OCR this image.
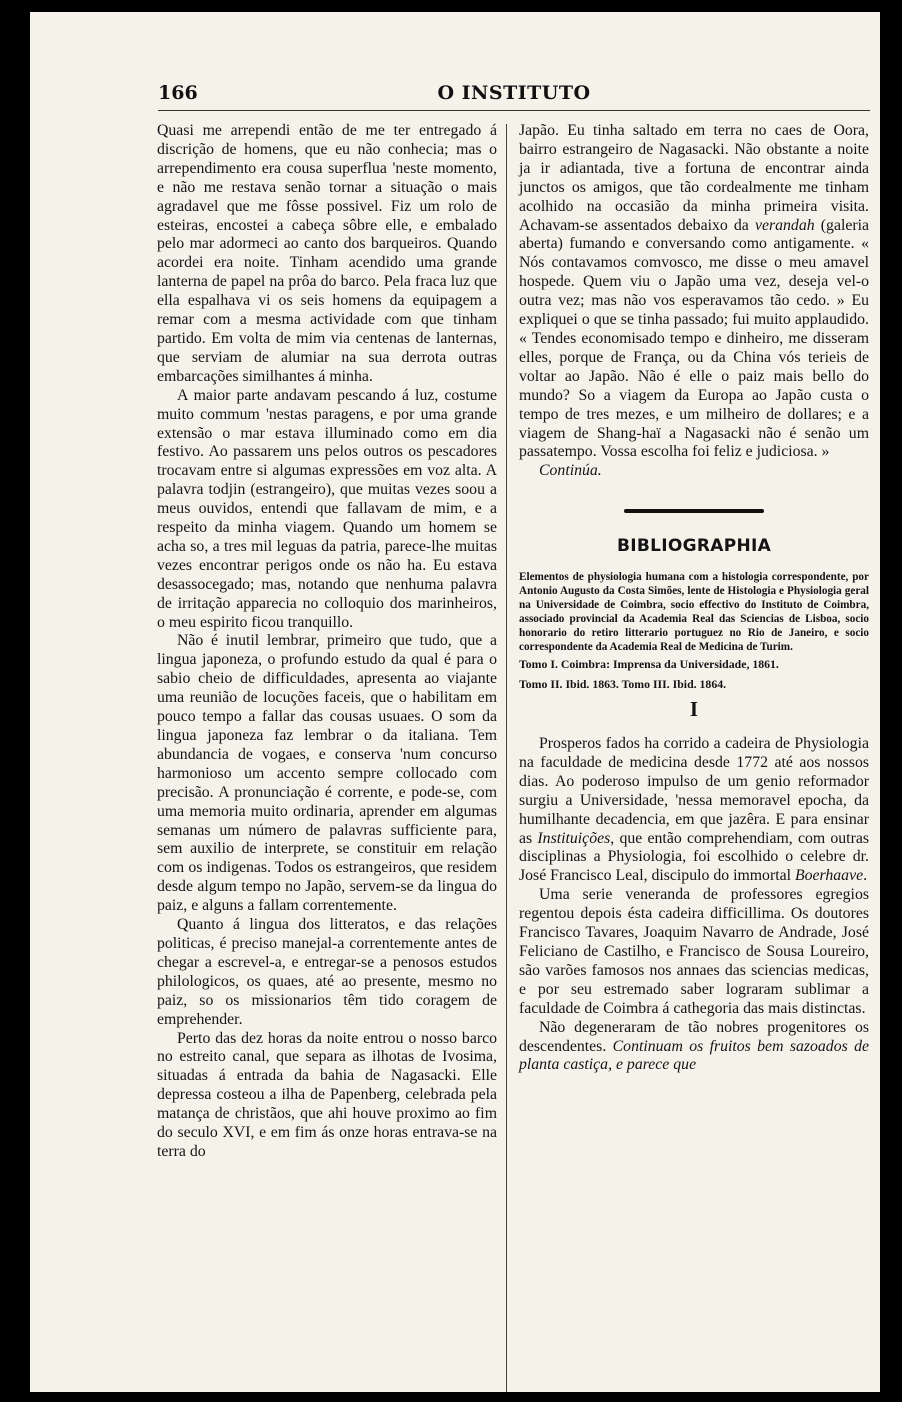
166	O INSTITUTO

Quasi me arrependi então de me ter entregado á discrição de homens, que eu não conhecia; mas o arrependimento era cousa superflua 'neste momento, e não me restava senão tornar a situação o mais agradavel que me fôsse possivel. Fiz um rolo de esteiras, encostei a cabeça sôbre elle, e embalado pelo mar adormeci ao canto dos barqueiros. Quando acordei era noite. Tinham acendido uma grande lanterna de papel na prôa do barco. Pela fraca luz que ella espalhava vi os seis homens da equipagem a remar com a mesma actividade com que tinham partido. Em volta de mim via centenas de lanternas, que serviam de alumiar na sua derrota outras embarcações similhantes á minha.

A maior parte andavam pescando á luz, costume muito commum 'nestas paragens, e por uma grande extensão o mar estava illuminado como em dia festivo. Ao passarem uns pelos outros os pescadores trocavam entre si algumas expressões em voz alta. A palavra todjin (estrangeiro), que muitas vezes soou a meus ouvidos, entendi que fallavam de mim, e a respeito da minha viagem. Quando um homem se acha so, a tres mil leguas da patria, parece-lhe muitas vezes encontrar perigos onde os não ha. Eu estava desassocegado; mas, notando que nenhuma palavra de irritação apparecia no colloquio dos marinheiros, o meu espirito ficou tranquillo.

Não é inutil lembrar, primeiro que tudo, que a lingua japoneza, o profundo estudo da qual é para o sabio cheio de difficuldades, apresenta ao viajante uma reunião de locuções faceis, que o habilitam em pouco tempo a fallar das cousas usuaes. O som da lingua japoneza faz lembrar o da italiana. Tem abundancia de vogaes, e conserva 'num concurso harmonioso um accento sempre collocado com precisão. A pronunciação é corrente, e pode-se, com uma memoria muito ordinaria, aprender em algumas semanas um número de palavras sufficiente para, sem auxilio de interprete, se constituir em relação com os indigenas. Todos os estrangeiros, que residem desde algum tempo no Japão, servem-se da lingua do paiz, e alguns a fallam correntemente.

Quanto á lingua dos litteratos, e das relações politicas, é preciso manejal-a correntemente antes de chegar a escrevel-a, e entregar-se a penosos estudos philologicos, os quaes, até ao presente, mesmo no paiz, so os missionarios têm tido coragem de emprehender.

Perto das dez horas da noite entrou o nosso barco no estreito canal, que separa as ilhotas de Ivosima, situadas á entrada da bahia de Nagasacki. Elle depressa costeou a ilha de Papenberg, celebrada pela matança de christãos, que ahi houve proximo ao fim do seculo XVI, e em fim ás onze horas entrava-se na terra do

Japão. Eu tinha saltado em terra no caes de Oora, bairro estrangeiro de Nagasacki. Não obstante a noite ja ir adiantada, tive a fortuna de encontrar ainda junctos os amigos, que tão cordealmente me tinham acolhido na occasião da minha primeira visita. Achavam-se assentados debaixo da verandah (galeria aberta) fumando e conversando como antigamente. « Nós contavamos comvosco, me disse o meu amavel hospede. Quem viu o Japão uma vez, deseja vel-o outra vez; mas não vos esperavamos tão cedo. » Eu expliquei o que se tinha passado; fui muito applaudido. « Tendes economisado tempo e dinheiro, me disseram elles, porque de França, ou da China vós terieis de voltar ao Japão. Não é elle o paiz mais bello do mundo? So a viagem da Europa ao Japão custa o tempo de tres mezes, e um milheiro de dollares; e a viagem de Shang-haï a Nagasacki não é senão um passatempo. Vossa escolha foi feliz e judiciosa. »

Continúa.

BIBLIOGRAPHIA

Elementos de physiologia humana com a histologia correspondente, por Antonio Augusto da Costa Simões, lente de Histologia e Physiologia geral na Universidade de Coimbra, socio effectivo do Instituto de Coimbra, associado provincial da Academia Real das Sciencias de Lisboa, socio honorario do retiro litterario portuguez no Rio de Janeiro, e socio correspondente da Academia Real de Medicina de Turim.

Tomo I. Coimbra: Imprensa da Universidade, 1861.

Tomo II. Ibid. 1863. Tomo III. Ibid. 1864.

I

Prosperos fados ha corrido a cadeira de Physiologia na faculdade de medicina desde 1772 até aos nossos dias. Ao poderoso impulso de um genio reformador surgiu a Universidade, 'nessa memoravel epocha, da humilhante decadencia, em que jazêra. E para ensinar as Instituições, que então comprehendiam, com outras disciplinas a Physiologia, foi escolhido o celebre dr. José Francisco Leal, discipulo do immortal Boerhaave.

Uma serie veneranda de professores egregios regentou depois ésta cadeira difficillima. Os doutores Francisco Tavares, Joaquim Navarro de Andrade, José Feliciano de Castilho, e Francisco de Sousa Loureiro, são varões famosos nos annaes das sciencias medicas, e por seu estremado saber lograram sublimar a faculdade de Coimbra á cathegoria das mais distinctas.

Não degeneraram de tão nobres progenitores os descendentes. Continuam os fruitos bem sazoados de planta castiça, e parece que
